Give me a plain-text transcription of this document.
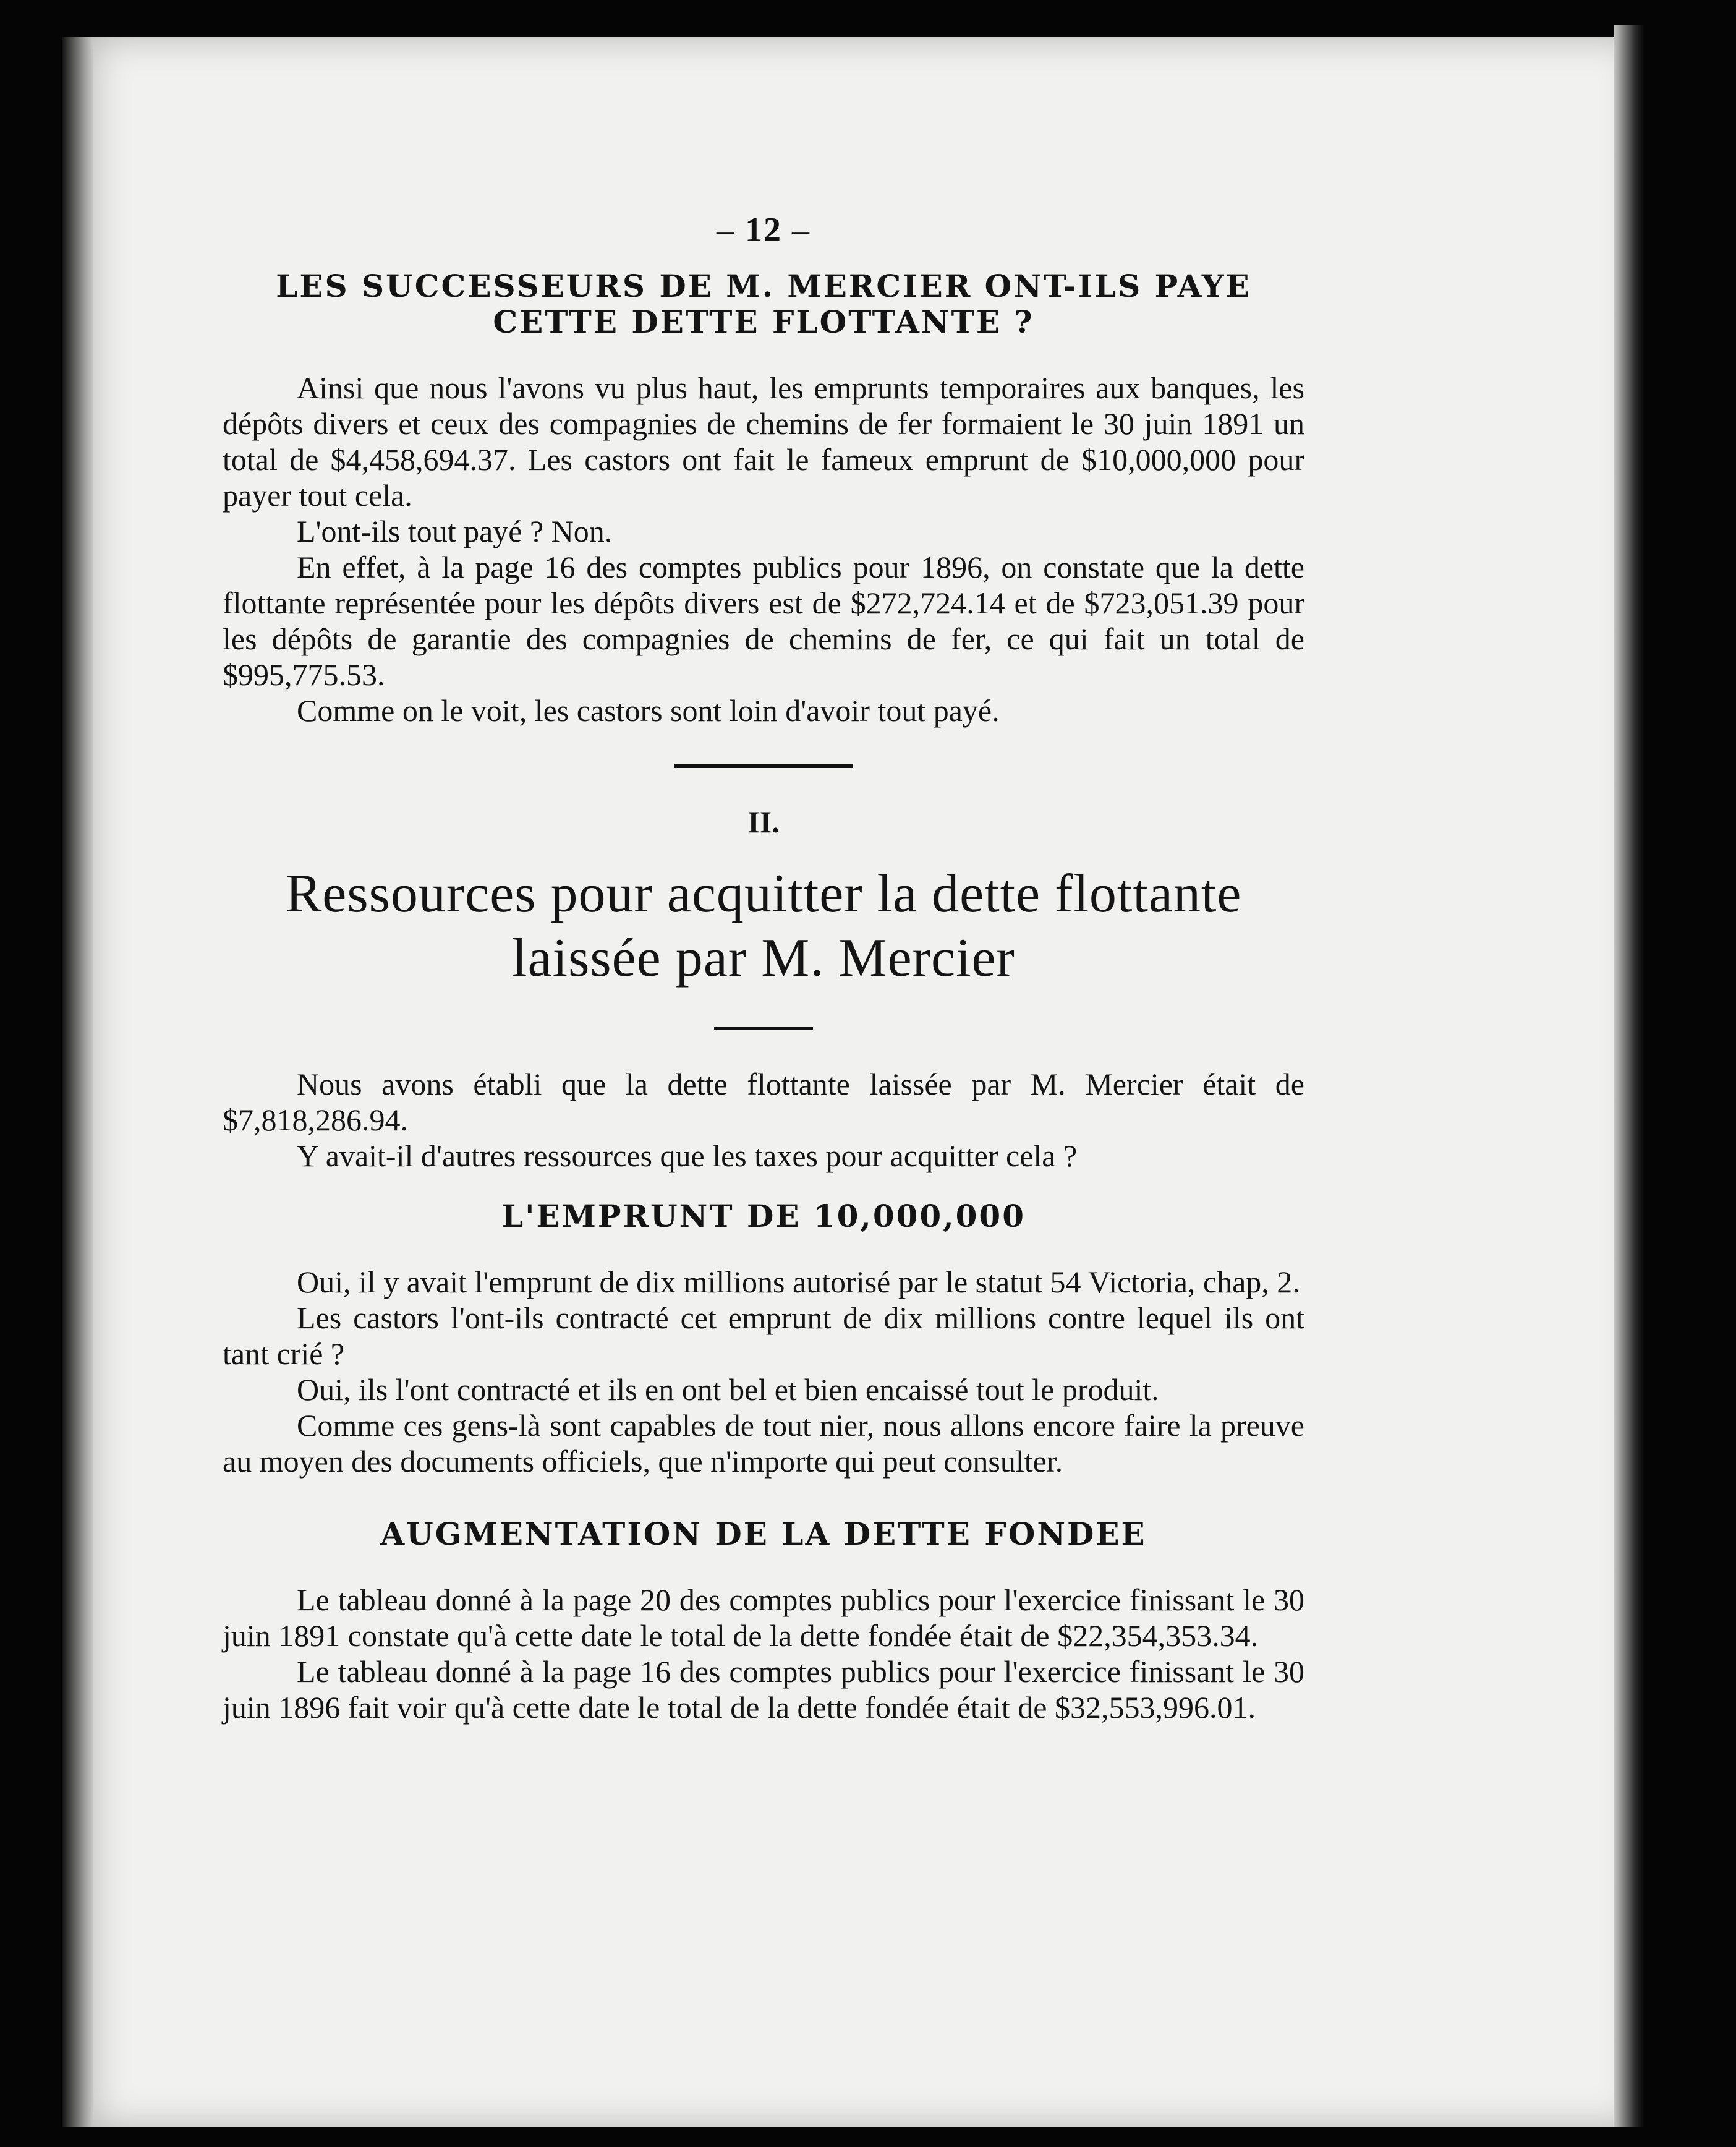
– 12 –
LES SUCCESSEURS DE M. MERCIER ONT-ILS PAYE CETTE DETTE FLOTTANTE ?

Ainsi que nous l'avons vu plus haut, les emprunts temporaires aux banques, les dépôts divers et ceux des compagnies de chemins de fer formaient le 30 juin 1891 un total de $4,458,694.37. Les castors ont fait le fameux emprunt de $10,000,000 pour payer tout cela.

L'ont-ils tout payé ? Non.

En effet, à la page 16 des comptes publics pour 1896, on constate que la dette flottante représentée pour les dépôts divers est de $272,724.14 et de $723,051.39 pour les dépôts de garantie des compagnies de chemins de fer, ce qui fait un total de $995,775.53.

Comme on le voit, les castors sont loin d'avoir tout payé.

II.
Ressources pour acquitter la dette flottante laissée par M. Mercier

Nous avons établi que la dette flottante laissée par M. Mercier était de $7,818,286.94.

Y avait-il d'autres ressources que les taxes pour acquitter cela ?

L'EMPRUNT DE 10,000,000

Oui, il y avait l'emprunt de dix millions autorisé par le statut 54 Victoria, chap, 2.

Les castors l'ont-ils contracté cet emprunt de dix millions contre lequel ils ont tant crié ?

Oui, ils l'ont contracté et ils en ont bel et bien encaissé tout le produit.

Comme ces gens-là sont capables de tout nier, nous allons encore faire la preuve au moyen des documents officiels, que n'importe qui peut consulter.

AUGMENTATION DE LA DETTE FONDEE

Le tableau donné à la page 20 des comptes publics pour l'exercice finissant le 30 juin 1891 constate qu'à cette date le total de la dette fondée était de $22,354,353.34.

Le tableau donné à la page 16 des comptes publics pour l'exercice finissant le 30 juin 1896 fait voir qu'à cette date le total de la dette fondée était de $32,553,996.01.
